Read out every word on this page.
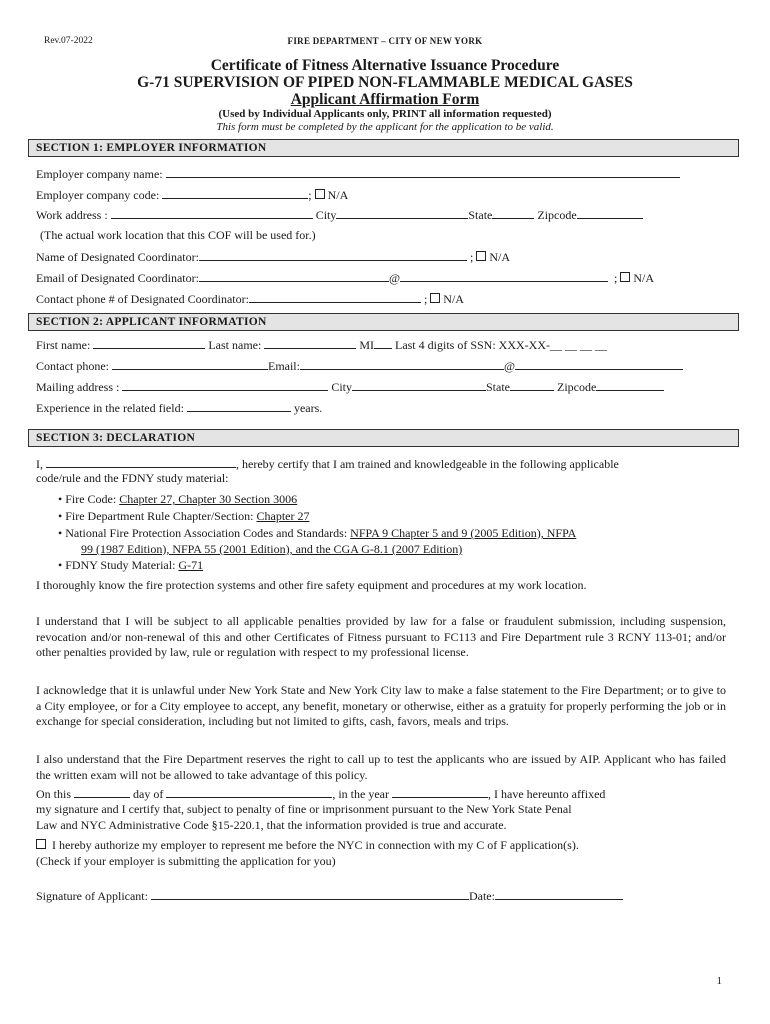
Rev.07-2022	FIRE DEPARTMENT – CITY OF NEW YORK
Certificate of Fitness Alternative Issuance Procedure
G-71 SUPERVISION OF PIPED NON-FLAMMABLE MEDICAL GASES
Applicant Affirmation Form
(Used by Individual Applicants only, PRINT all information requested)
This form must be completed by the applicant for the application to be valid.
SECTION 1: EMPLOYER INFORMATION
Employer company name:
Employer company code:	; N/A
Work address :	City	State	Zipcode
(The actual work location that this COF will be used for.)
Name of Designated Coordinator:	; N/A
Email of Designated Coordinator:	@	; N/A
Contact phone # of Designated Coordinator:	; N/A
SECTION 2: APPLICANT INFORMATION
First name:	Last name:	MI Last 4 digits of SSN: XXX-XX-__ __ __ __
Contact phone:	Email:	@
Mailing address :	City	State	Zipcode
Experience in the related field:	years.
SECTION 3: DECLARATION
I,	, hereby certify that I am trained and knowledgeable in the following applicable
code/rule and the FDNY study material:
• Fire Code: Chapter 27, Chapter 30 Section 3006
• Fire Department Rule Chapter/Section: Chapter 27
• National Fire Protection Association Codes and Standards: NFPA 9 Chapter 5 and 9 (2005 Edition), NFPA
99 (1987 Edition), NFPA 55 (2001 Edition), and the CGA G-8.1 (2007 Edition)
• FDNY Study Material: G-71
I thoroughly know the fire protection systems and other fire safety equipment and procedures at my work location.
I understand that I will be subject to all applicable penalties provided by law for a false or fraudulent submission, including suspension, revocation and/or non-renewal of this and other Certificates of Fitness pursuant to FC113 and Fire Department rule 3 RCNY 113-01; and/or other penalties provided by law, rule or regulation with respect to my professional license.
I acknowledge that it is unlawful under New York State and New York City law to make a false statement to the Fire Department; or to give to a City employee, or for a City employee to accept, any benefit, monetary or otherwise, either as a gratuity for properly performing the job or in exchange for special consideration, including but not limited to gifts, cash, favors, meals and trips.
I also understand that the Fire Department reserves the right to call up to test the applicants who are issued by AIP. Applicant who has failed the written exam will not be allowed to take advantage of this policy.
On this	day of	, in the year	, I have hereunto affixed
my signature and I certify that, subject to penalty of fine or imprisonment pursuant to the New York State Penal
Law and NYC Administrative Code §15-220.1, that the information provided is true and accurate.
I hereby authorize my employer to represent me before the NYC in connection with my C of F application(s).
(Check if your employer is submitting the application for you)
Signature of Applicant:	Date:
1
